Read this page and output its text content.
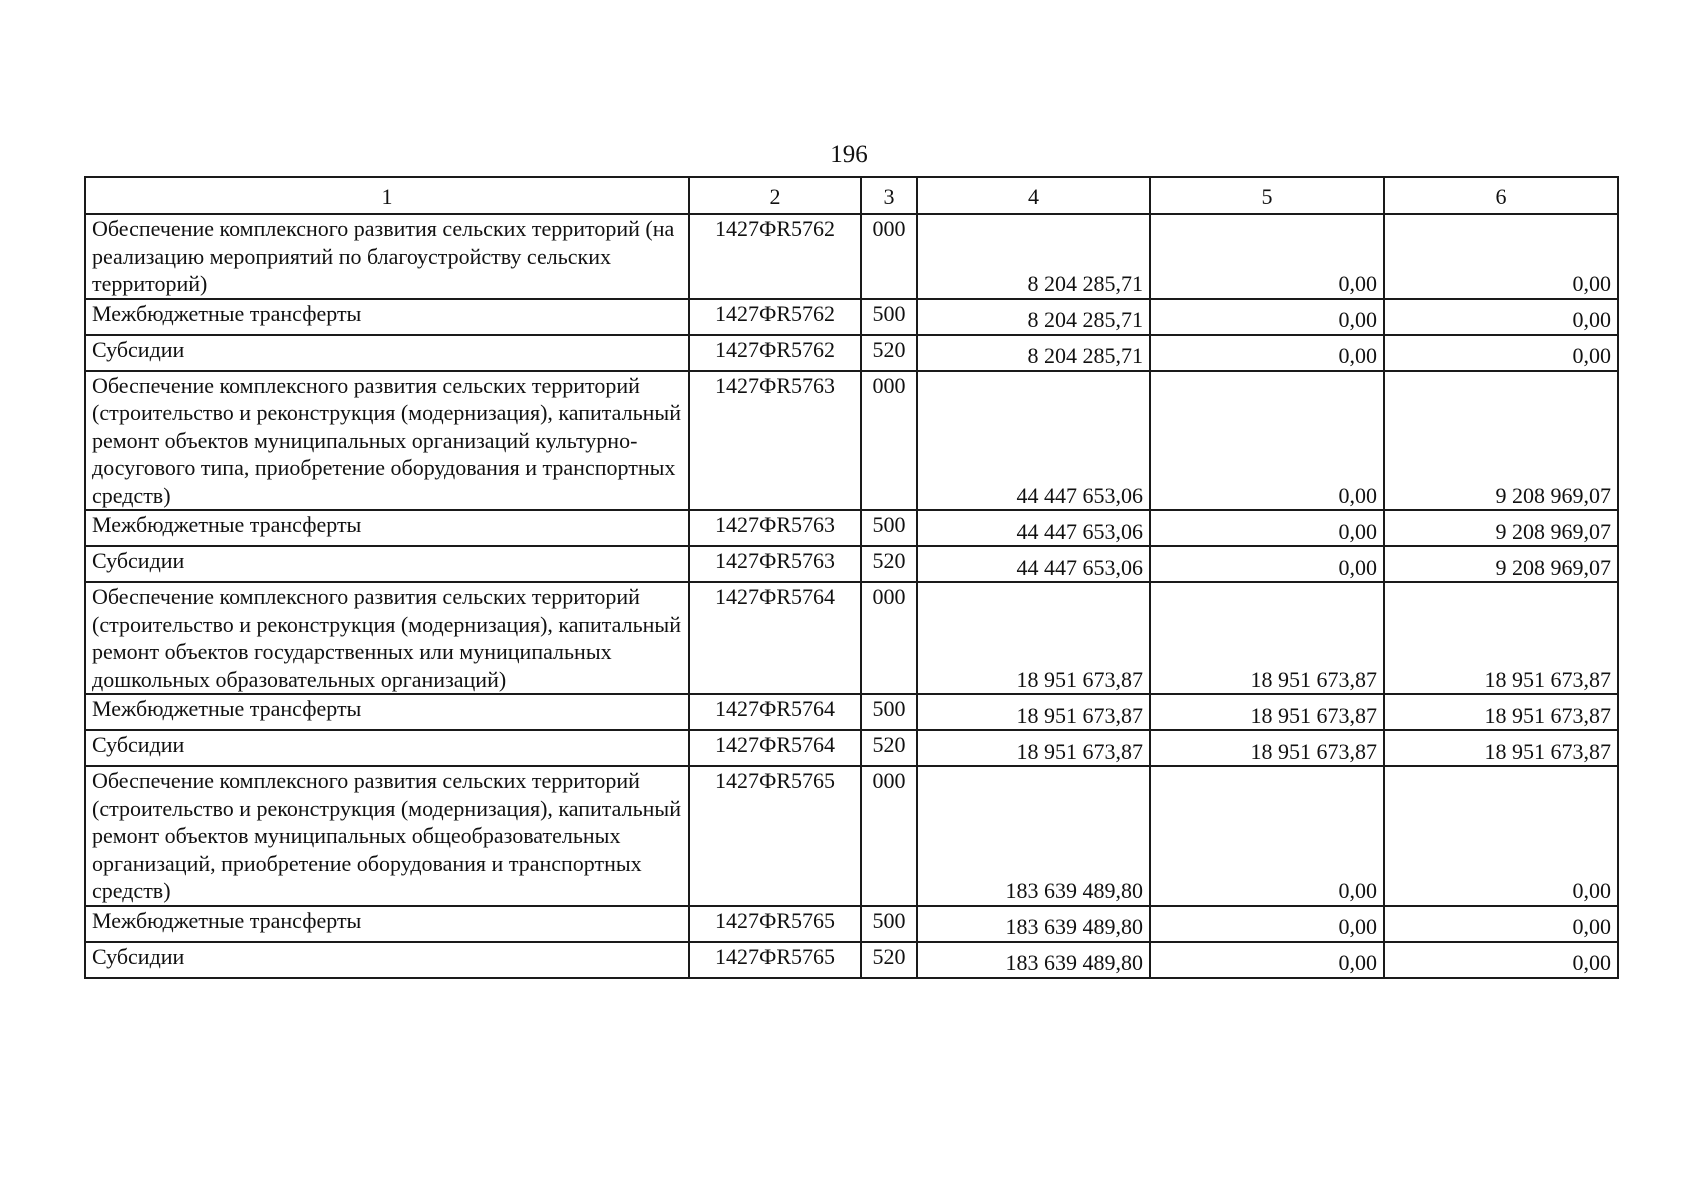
196
1	2	3	4	5	6
Обеспечение комплексного развития сельских территорий (на реализацию мероприятий по благоустройству сельских территорий)	1427ФR5762	000	8 204 285,71	0,00	0,00
Межбюджетные трансферты	1427ФR5762	500	8 204 285,71	0,00	0,00
Субсидии	1427ФR5762	520	8 204 285,71	0,00	0,00
Обеспечение комплексного развития сельских территорий (строительство и реконструкция (модернизация), капитальный ремонт объектов муниципальных организаций культурно-досугового типа, приобретение оборудования и транспортных средств)	1427ФR5763	000	44 447 653,06	0,00	9 208 969,07
Межбюджетные трансферты	1427ФR5763	500	44 447 653,06	0,00	9 208 969,07
Субсидии	1427ФR5763	520	44 447 653,06	0,00	9 208 969,07
Обеспечение комплексного развития сельских территорий (строительство и реконструкция (модернизация), капитальный ремонт объектов государственных или муниципальных дошкольных образовательных организаций)	1427ФR5764	000	18 951 673,87	18 951 673,87	18 951 673,87
Межбюджетные трансферты	1427ФR5764	500	18 951 673,87	18 951 673,87	18 951 673,87
Субсидии	1427ФR5764	520	18 951 673,87	18 951 673,87	18 951 673,87
Обеспечение комплексного развития сельских территорий (строительство и реконструкция (модернизация), капитальный ремонт объектов муниципальных общеобразовательных организаций, приобретение оборудования и транспортных средств)	1427ФR5765	000	183 639 489,80	0,00	0,00
Межбюджетные трансферты	1427ФR5765	500	183 639 489,80	0,00	0,00
Субсидии	1427ФR5765	520	183 639 489,80	0,00	0,00
